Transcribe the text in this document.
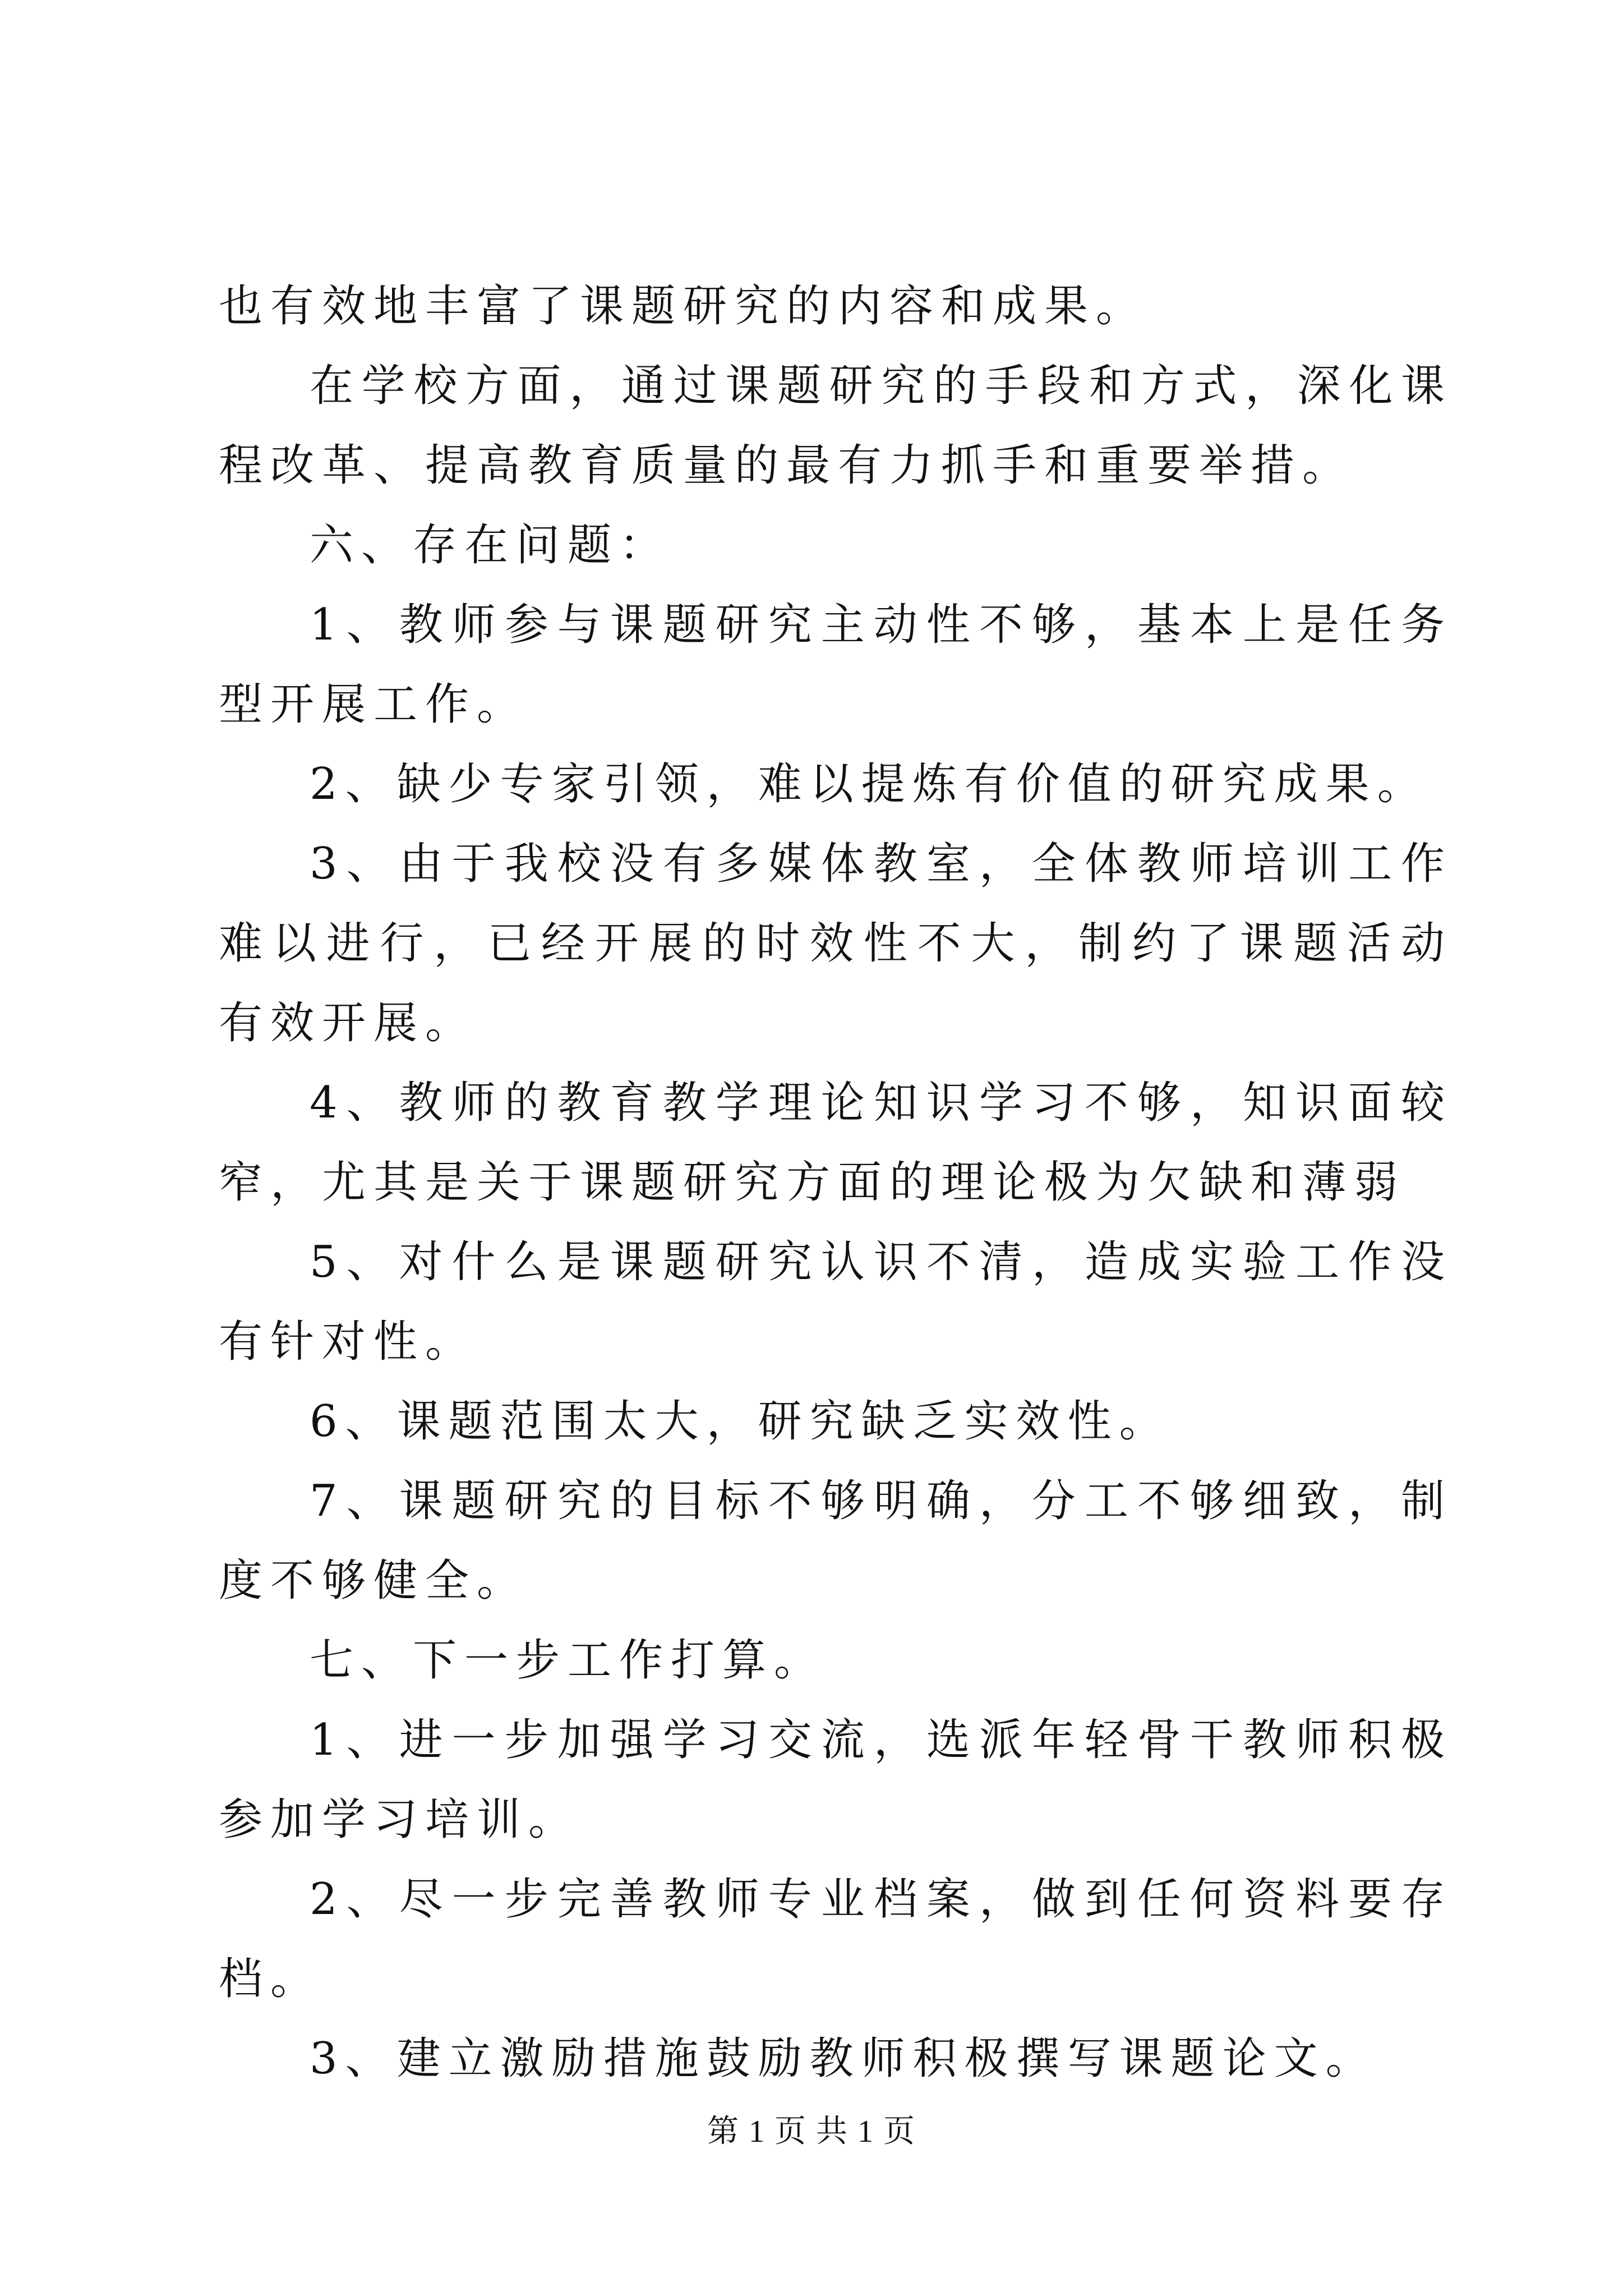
也有效地丰富了课题研究的内容和成果。

在学校方面，通过课题研究的手段和方式，深化课程改革、提高教育质量的最有力抓手和重要举措。

六、存在问题：

1、教师参与课题研究主动性不够，基本上是任务型开展工作。

2、缺少专家引领，难以提炼有价值的研究成果。

3、由于我校没有多媒体教室，全体教师培训工作难以进行，已经开展的时效性不大，制约了课题活动有效开展。

4、教师的教育教学理论知识学习不够，知识面较窄，尤其是关于课题研究方面的理论极为欠缺和薄弱

5、对什么是课题研究认识不清，造成实验工作没有针对性。

6、课题范围太大，研究缺乏实效性。

7、课题研究的目标不够明确，分工不够细致，制度不够健全。

七、下一步工作打算。

1、进一步加强学习交流，选派年轻骨干教师积极参加学习培训。

2、尽一步完善教师专业档案，做到任何资料要存档。

3、建立激励措施鼓励教师积极撰写课题论文。

第 1 页 共 1 页
